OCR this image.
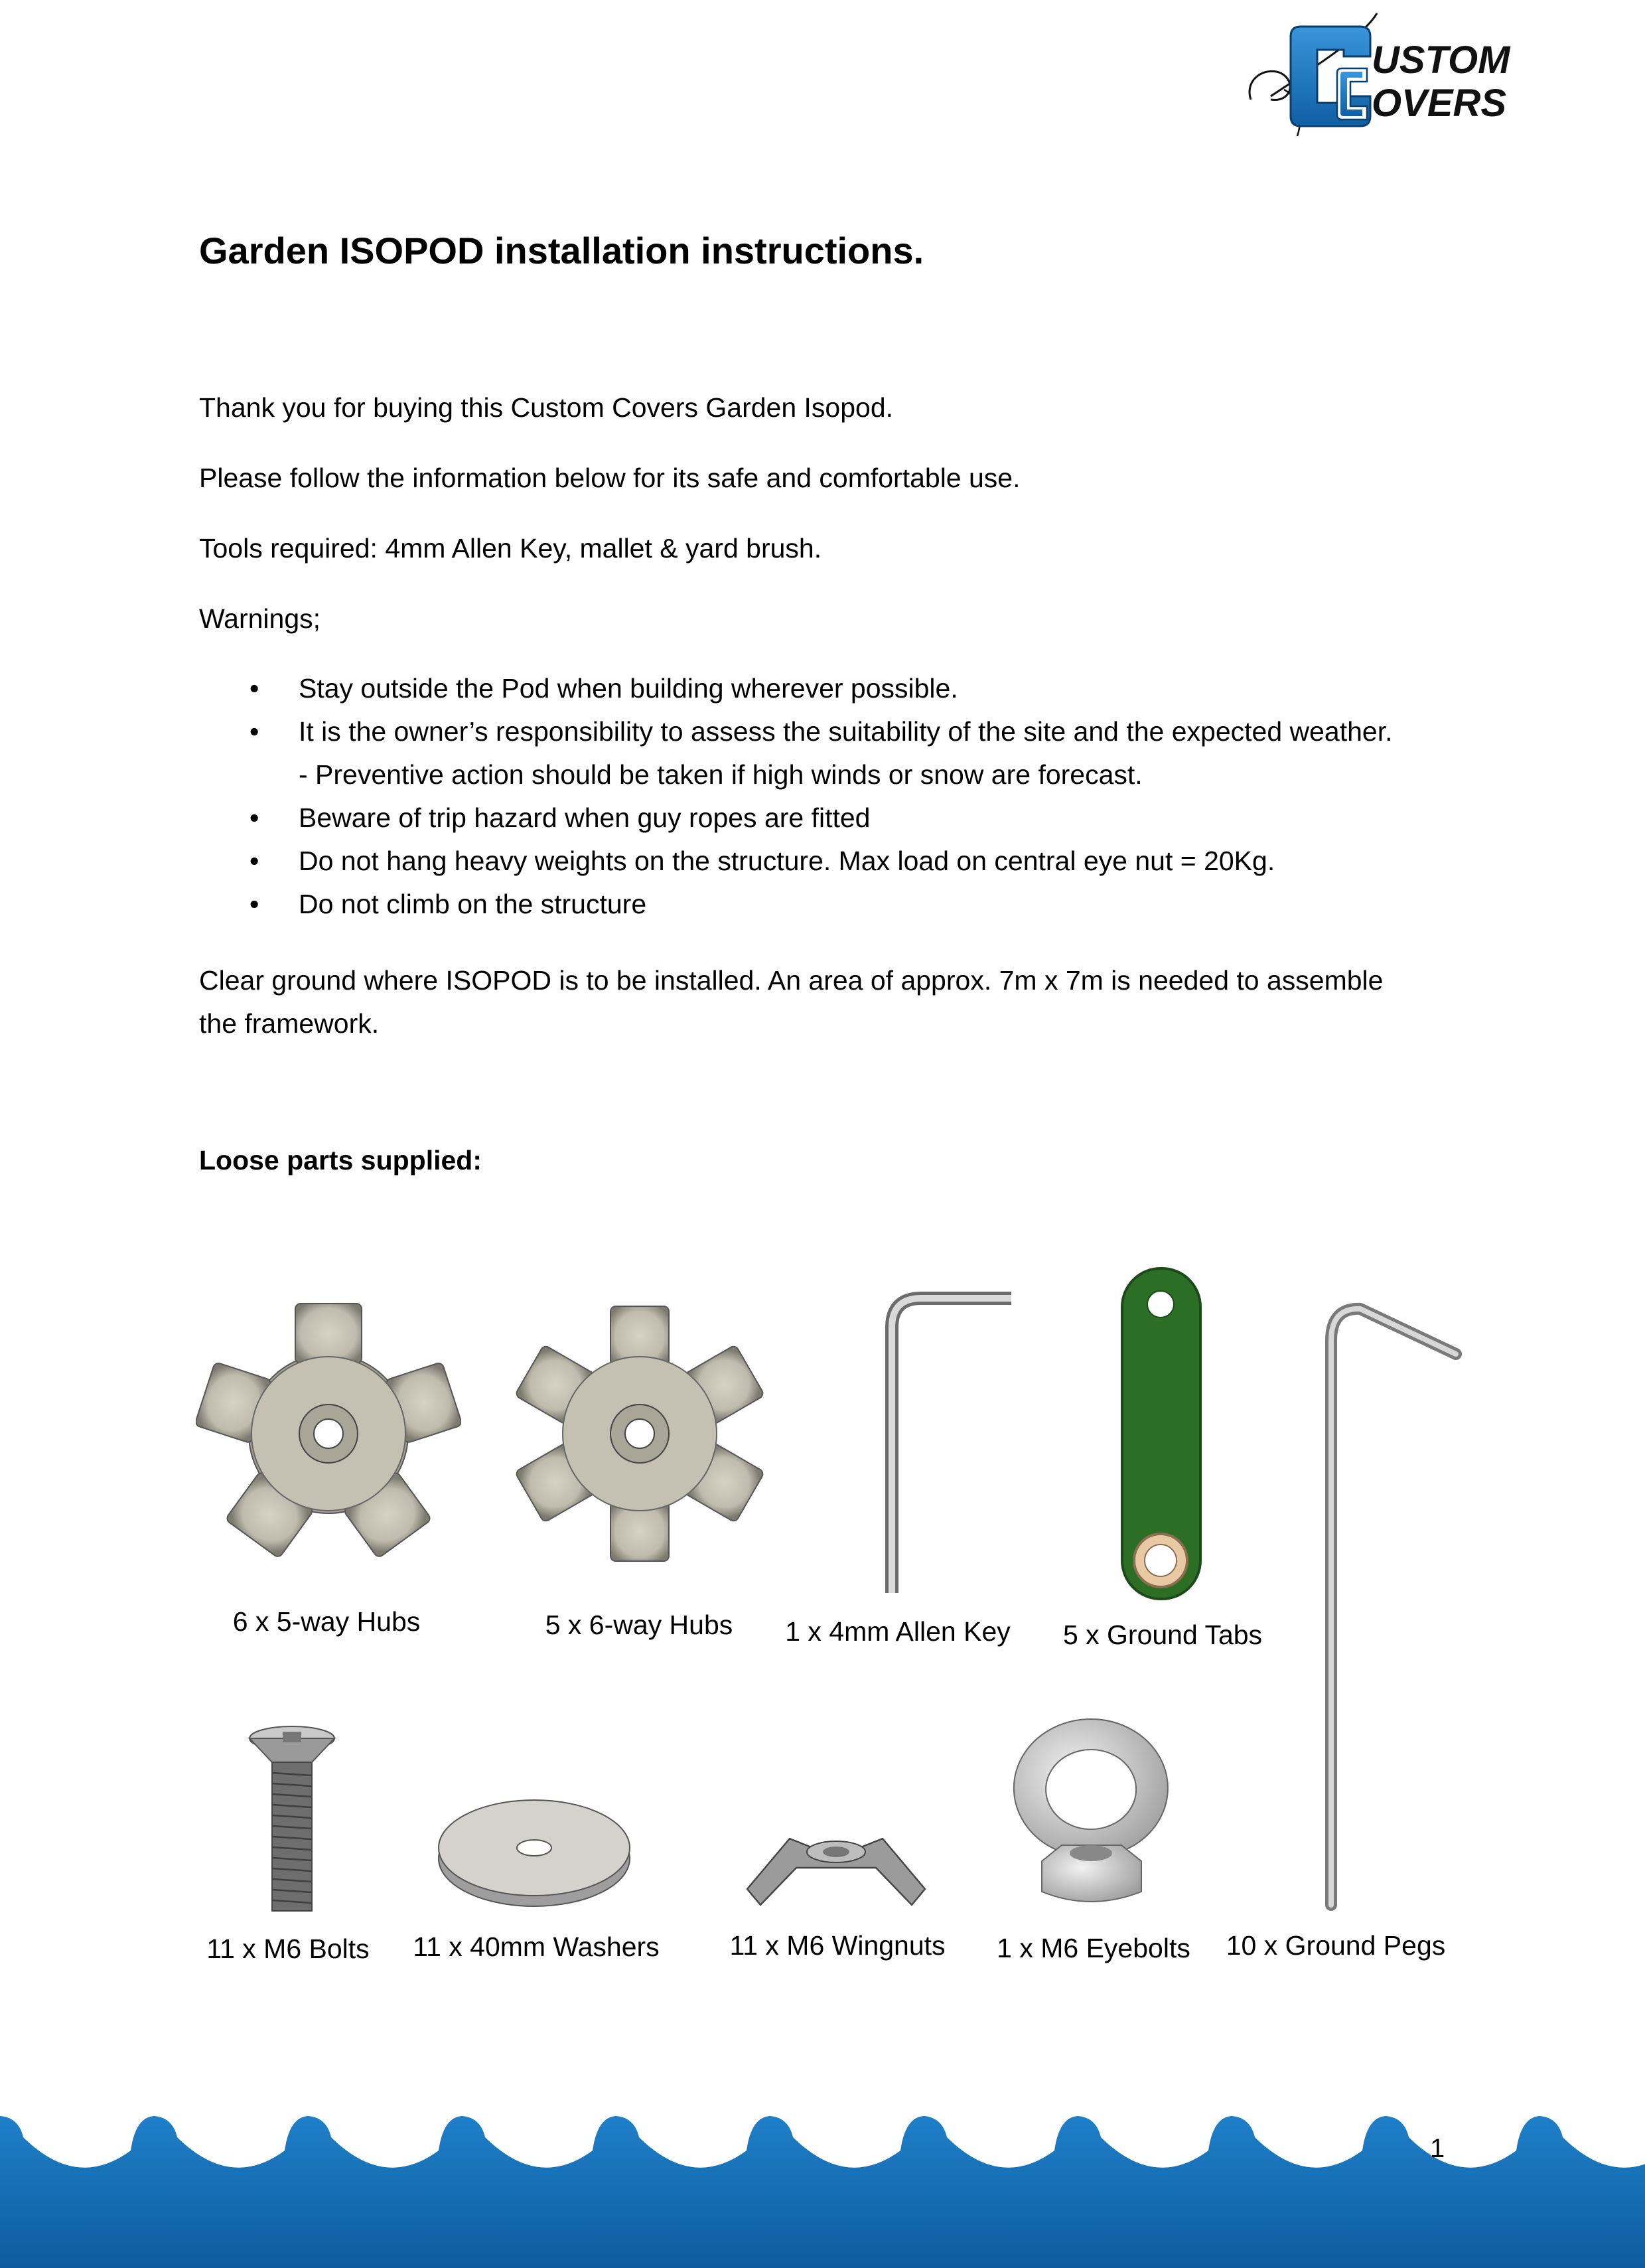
USTOM
OVERS
Garden ISOPOD installation instructions.
Thank you for buying this Custom Covers Garden Isopod.
Please follow the information below for its safe and comfortable use.
Tools required: 4mm Allen Key, mallet & yard brush.
Warnings;
• Stay outside the Pod when building wherever possible.
• It is the owner’s responsibility to assess the suitability of the site and the expected weather.
- Preventive action should be taken if high winds or snow are forecast.
• Beware of trip hazard when guy ropes are fitted
• Do not hang heavy weights on the structure. Max load on central eye nut = 20Kg.
• Do not climb on the structure
Clear ground where ISOPOD is to be installed. An area of approx. 7m x 7m is needed to assemble
the framework.
Loose parts supplied:
6 x 5-way Hubs	5 x 6-way Hubs 1 x 4mm Allen Key 5 x Ground Tabs
11 x M6 Bolts 11 x 40mm Washers	11 x M6 Wingnuts 1 x M6 Eyebolts 10 x Ground Pegs
1
